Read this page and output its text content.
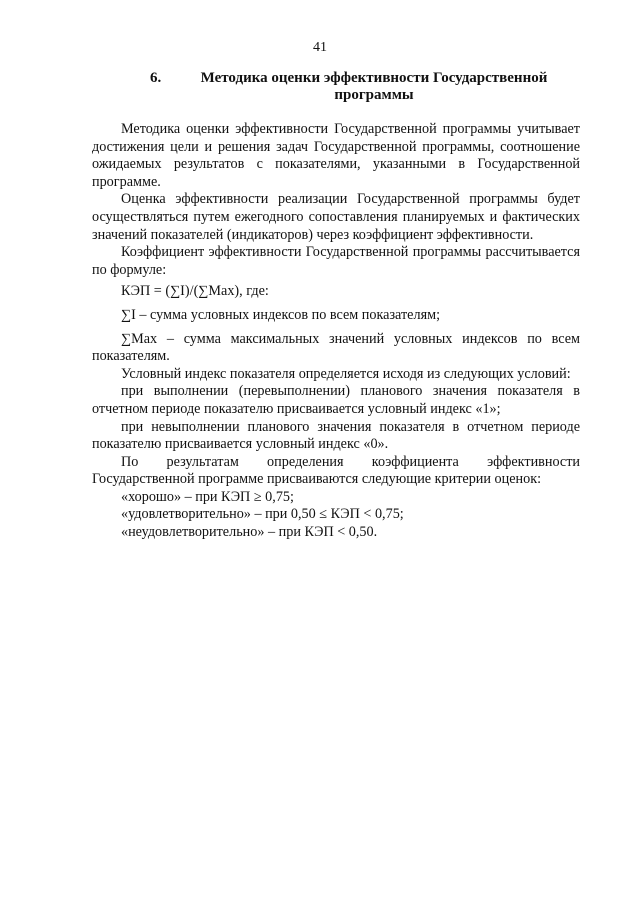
41
6.	Методика оценки эффективности Государственной
программы

Методика оценки эффективности Государственной программы учитывает достижения цели и решения задач Государственной программы, соотношение ожидаемых результатов с показателями, указанными в Государственной программе.

Оценка эффективности реализации Государственной программы будет осуществляться путем ежегодного сопоставления планируемых и фактических значений показателей (индикаторов) через коэффициент эффективности.

Коэффициент эффективности Государственной программы рассчитывается по формуле:

КЭП = (∑I)/(∑Max), где:

∑I – сумма условных индексов по всем показателям;

∑Max – сумма максимальных значений условных индексов по всем показателям.

Условный индекс показателя определяется исходя из следующих условий:

при выполнении (перевыполнении) планового значения показателя в отчетном периоде показателю присваивается условный индекс «1»;

при невыполнении планового значения показателя в отчетном периоде показателю присваивается условный индекс «0».

По результатам определения коэффициента эффективности Государственной программе присваиваются следующие критерии оценок:

«хорошо» – при КЭП ≥ 0,75;

«удовлетворительно» – при 0,50 ≤ КЭП < 0,75;

«неудовлетворительно» – при КЭП < 0,50.
